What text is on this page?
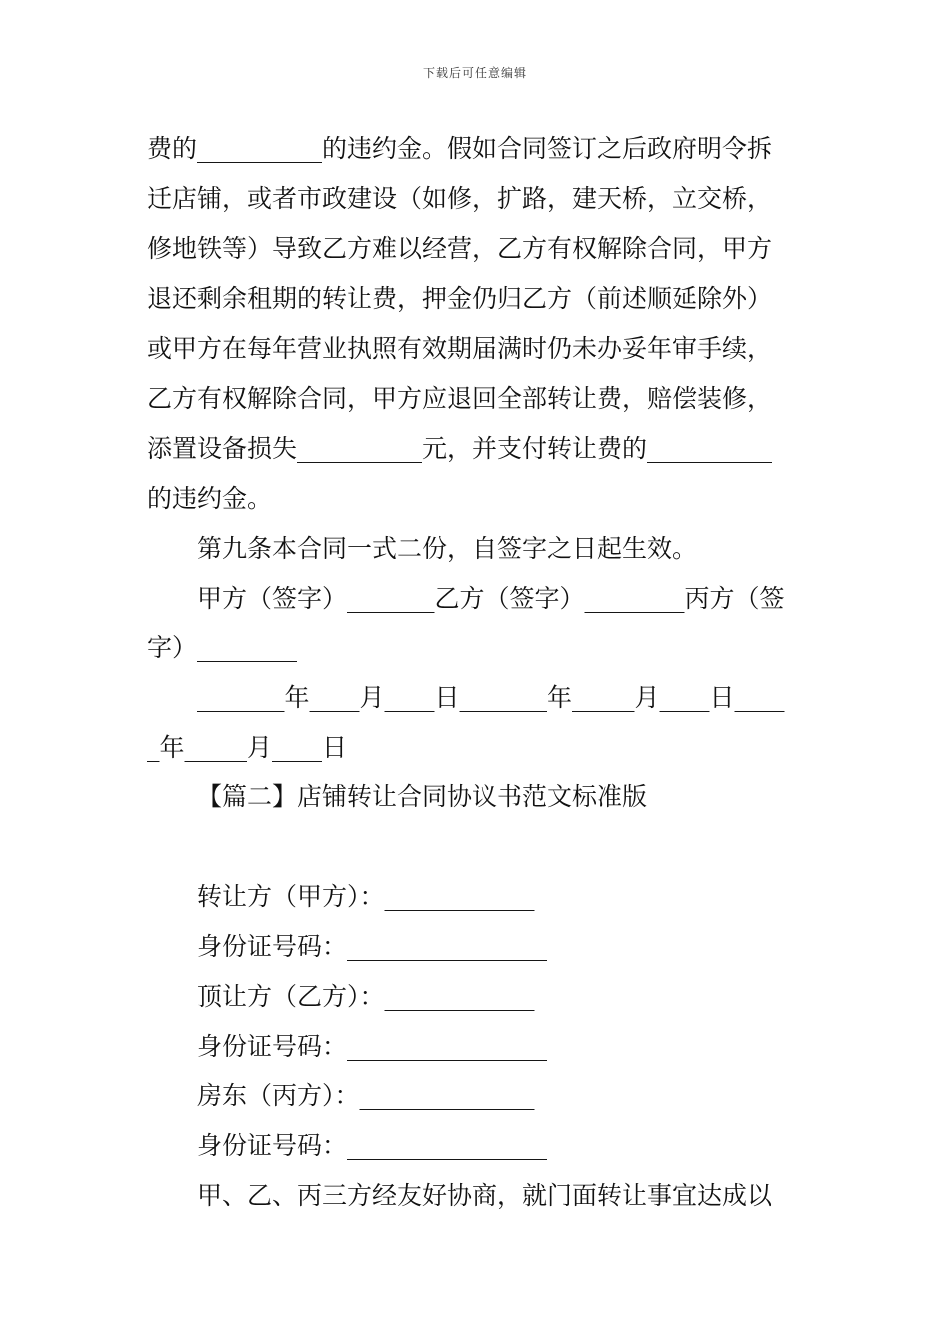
下载后可任意编辑
费的__________的违约金。假如合同签订之后政府明令拆
迁店铺，或者市政建设（如修，扩路，建天桥，立交桥，
修地铁等）导致乙方难以经营，乙方有权解除合同，甲方
退还剩余租期的转让费，押金仍归乙方（前述顺延除外）
或甲方在每年营业执照有效期届满时仍未办妥年审手续，
乙方有权解除合同，甲方应退回全部转让费，赔偿装修，
添置设备损失__________元，并支付转让费的__________
的违约金。
第九条本合同一式二份，自签字之日起生效。
甲方（签字）_______乙方（签字）________丙方（签
字）________
_______年____月____日_______年_____月____日____
_年_____月____日
【篇二】店铺转让合同协议书范文标准版
转让方（甲方）：____________
身份证号码：________________
顶让方（乙方）：____________
身份证号码：________________
房东（丙方）：______________
身份证号码：________________
甲、乙、丙三方经友好协商，就门面转让事宜达成以
